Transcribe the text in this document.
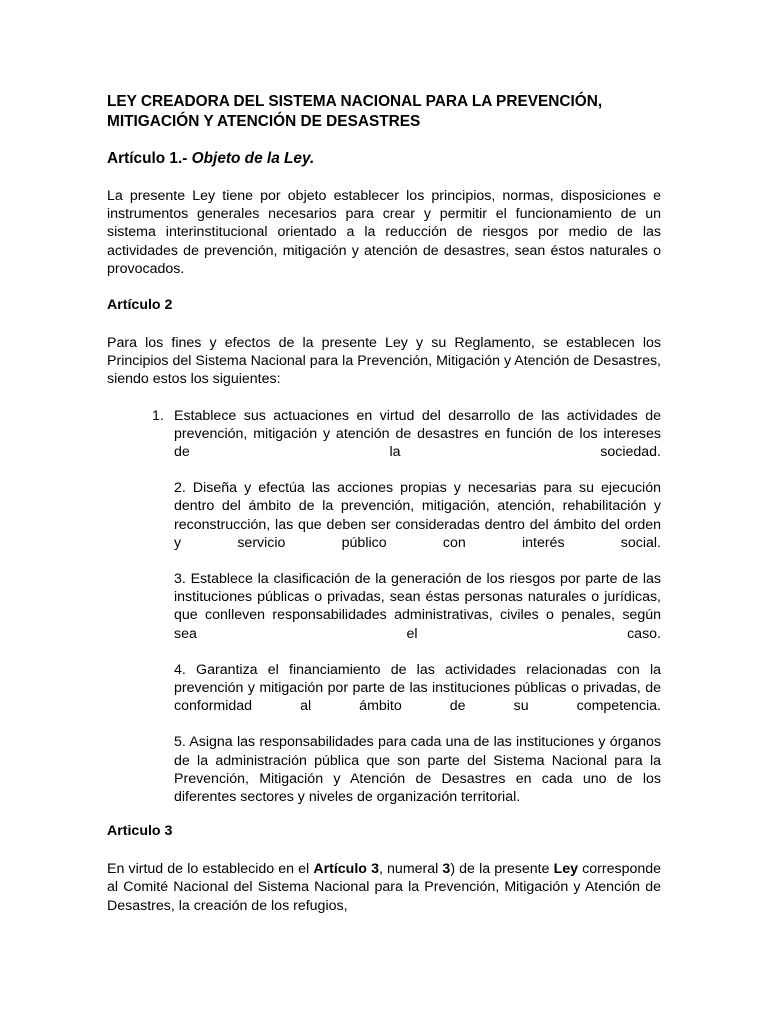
LEY CREADORA DEL SISTEMA NACIONAL PARA LA PREVENCIÓN, MITIGACIÓN Y ATENCIÓN DE DESASTRES
Artículo 1.- Objeto de la Ley.

La presente Ley tiene por objeto establecer los principios, normas, disposiciones e instrumentos generales necesarios para crear y permitir el funcionamiento de un sistema interinstitucional orientado a la reducción de riesgos por medio de las actividades de prevención, mitigación y atención de desastres, sean éstos naturales o provocados.

Artículo 2

Para los fines y efectos de la presente Ley y su Reglamento, se establecen los Principios del Sistema Nacional para la Prevención, Mitigación y Atención de Desastres, siendo estos los siguientes:

1. Establece sus actuaciones en virtud del desarrollo de las actividades de prevención, mitigación y atención de desastres en función de los intereses de la sociedad.

2. Diseña y efectúa las acciones propias y necesarias para su ejecución dentro del ámbito de la prevención, mitigación, atención, rehabilitación y reconstrucción, las que deben ser consideradas dentro del ámbito del orden y servicio público con interés social.

3. Establece la clasificación de la generación de los riesgos por parte de las instituciones públicas o privadas, sean éstas personas naturales o jurídicas, que conlleven responsabilidades administrativas, civiles o penales, según sea el caso.

4. Garantiza el financiamiento de las actividades relacionadas con la prevención y mitigación por parte de las instituciones públicas o privadas, de conformidad al ámbito de su competencia.

5. Asigna las responsabilidades para cada una de las instituciones y órganos de la administración pública que son parte del Sistema Nacional para la Prevención, Mitigación y Atención de Desastres en cada uno de los diferentes sectores y niveles de organización territorial.

Articulo 3

En virtud de lo establecido en el Artículo 3, numeral 3) de la presente Ley corresponde al Comité Nacional del Sistema Nacional para la Prevención, Mitigación y Atención de Desastres, la creación de los refugios,
